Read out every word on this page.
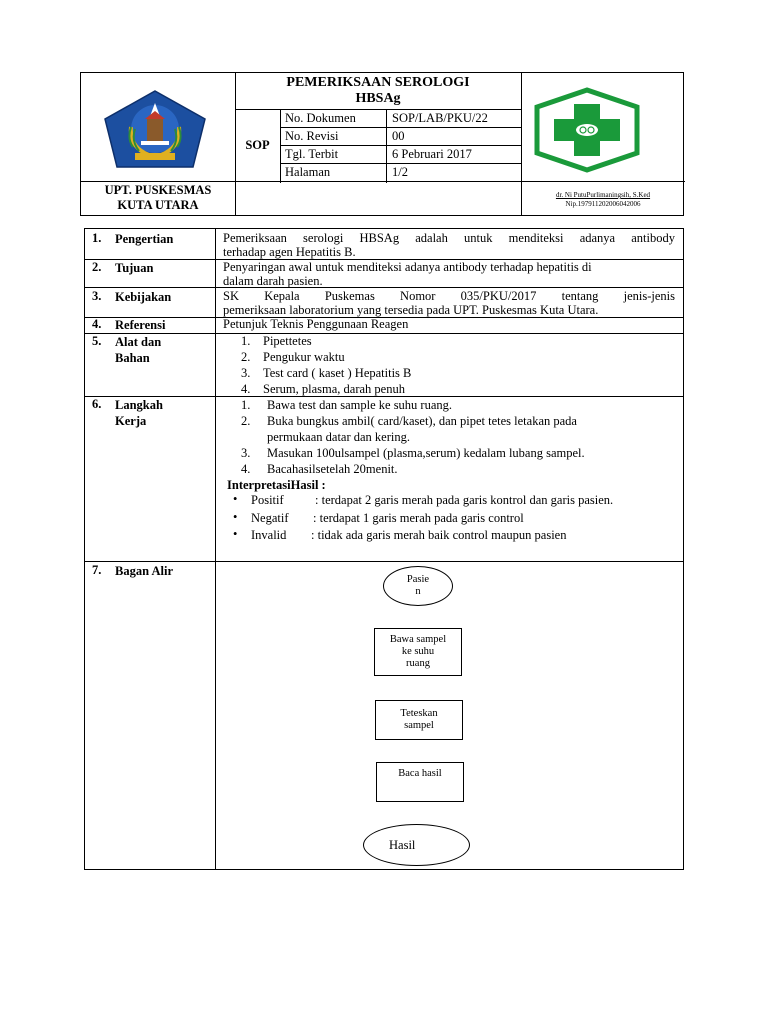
PEMERIKSAAN SEROLOGI
HBSAg
SOP
No. Dokumen	SOP/LAB/PKU/22
No. Revisi	00
Tgl. Terbit	6 Pebruari 2017
Halaman	1/2
UPT. PUSKESMAS
KUTA UTARA
dr. Ni PutuPurlimaningsih, S.Ked
Nip.197911202006042006
1. Pengertian	Pemeriksaan serologi HBSAg adalah untuk menditeksi adanya antibody
terhadap agen Hepatitis B.
2. Tujuan	Penyaringan awal untuk menditeksi adanya antibody terhadap hepatitis di
dalam darah pasien.
3. Kebijakan	SK Kepala Puskemas Nomor 035/PKU/2017 tentang jenis-jenis
pemeriksaan laboratorium yang tersedia pada UPT. Puskesmas Kuta Utara.
4. Referensi	Petunjuk Teknis Penggunaan Reagen
5. Alat dan
Bahan
1. Pipettetes
2. Pengukur waktu
3. Test card ( kaset ) Hepatitis B
4. Serum, plasma, darah penuh
6. Langkah
Kerja
1. Bawa test dan sample ke suhu ruang.
2. Buka bungkus ambil( card/kaset), dan pipet tetes letakan pada
permukaan datar dan kering.
3. Masukan 100ulsampel (plasma,serum) kedalam lubang sampel.
4. Bacahasilsetelah 20menit.
InterpretasiHasil :
• Positif	: terdapat 2 garis merah pada garis kontrol dan garis pasien.
• Negatif : terdapat 1 garis merah pada garis control
• Invalid : tidak ada garis merah baik control maupun pasien
7. Bagan Alir
Pasie
n
Bawa sampel
ke suhu
ruang
Teteskan
sampel
Baca hasil
Hasil
